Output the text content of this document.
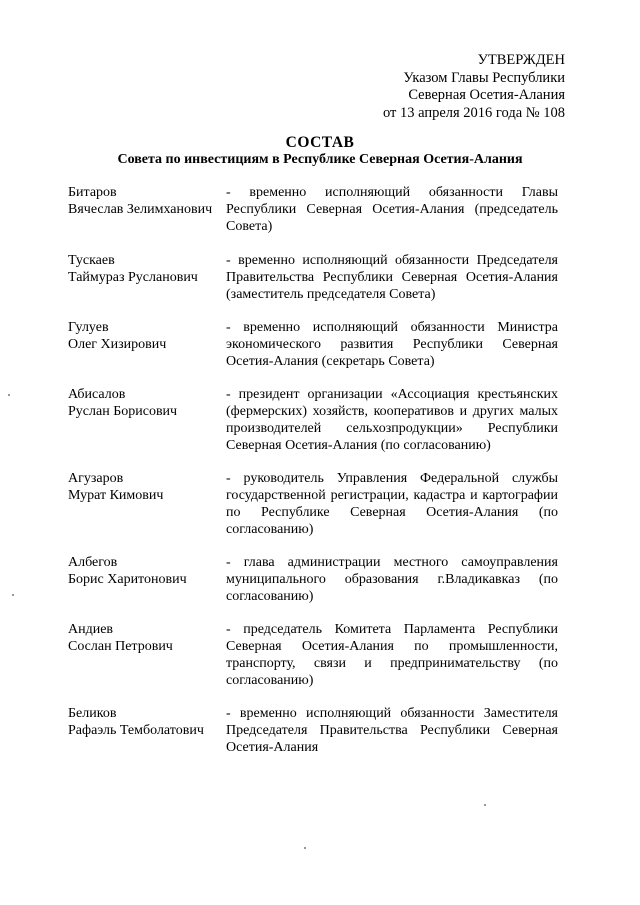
УТВЕРЖДЕН
Указом Главы Республики
Северная Осетия-Алания
от 13 апреля 2016 года № 108
СОСТАВ
Совета по инвестициям в Республике Северная Осетия-Алания
Битаров
Вячеслав Зелимханович
- временно исполняющий обязанности Главы Республики Северная Осетия-Алания (председатель Совета)
Тускаев
Таймураз Русланович
- временно исполняющий обязанности Председателя Правительства Республики Северная Осетия-Алания (заместитель председателя Совета)
Гулуев
Олег Хизирович
- временно исполняющий обязанности Министра экономического развития Республики Северная Осетия-Алания (секретарь Совета)
Абисалов
Руслан Борисович
- президент организации «Ассоциация крестьянских (фермерских) хозяйств, кооперативов и других малых производителей сельхозпродукции» Республики Северная Осетия-Алания (по согласованию)
Агузаров
Мурат Кимович
- руководитель Управления Федеральной службы государственной регистрации, кадастра и картографии по Республике Северная Осетия-Алания (по согласованию)
Албегов
Борис Харитонович
- глава администрации местного самоуправления муниципального образования г.Владикавказ (по согласованию)
Андиев
Сослан Петрович
- председатель Комитета Парламента Республики Северная Осетия-Алания по промышленности, транспорту, связи и предпринимательству (по согласованию)
Беликов
Рафаэль Темболатович
- временно исполняющий обязанности Заместителя Председателя Правительства Республики Северная Осетия-Алания
